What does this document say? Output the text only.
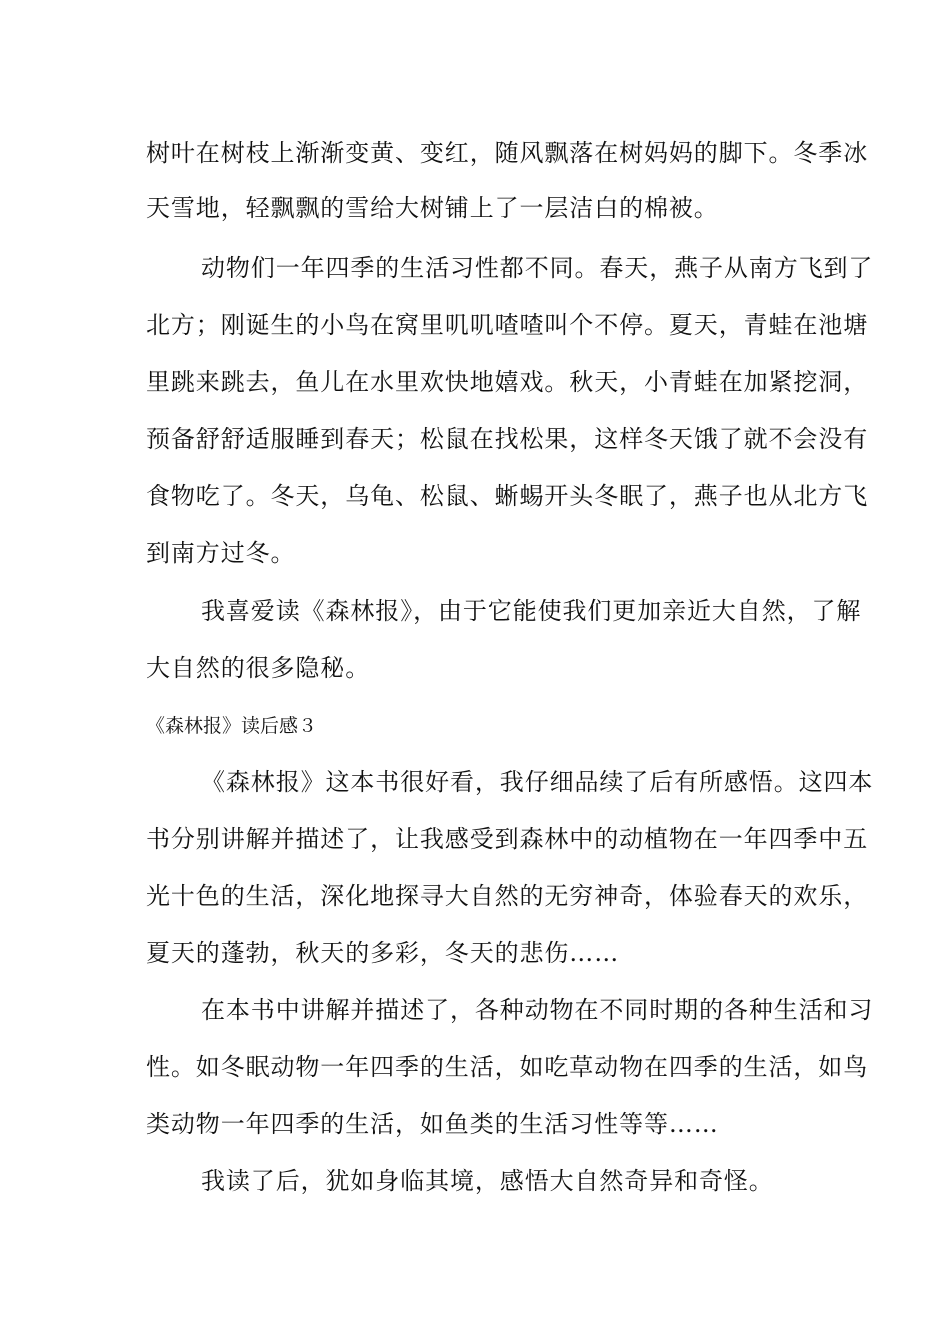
树叶在树枝上渐渐变黄、变红，随风飘落在树妈妈的脚下。冬季冰
天雪地，轻飘飘的雪给大树铺上了一层洁白的棉被。
动物们一年四季的生活习性都不同。春天，燕子从南方飞到了
北方；刚诞生的小鸟在窝里叽叽喳喳叫个不停。夏天，青蛙在池塘
里跳来跳去，鱼儿在水里欢快地嬉戏。秋天，小青蛙在加紧挖洞，
预备舒舒适服睡到春天；松鼠在找松果，这样冬天饿了就不会没有
食物吃了。冬天，乌龟、松鼠、蜥蜴开头冬眠了，燕子也从北方飞
到南方过冬。
我喜爱读《森林报》，由于它能使我们更加亲近大自然，了解
大自然的很多隐秘。
《森林报》读后感３
《森林报》这本书很好看，我仔细品续了后有所感悟。这四本
书分别讲解并描述了，让我感受到森林中的动植物在一年四季中五
光十色的生活，深化地探寻大自然的无穷神奇，体验春天的欢乐，
夏天的蓬勃，秋天的多彩，冬天的悲伤……
在本书中讲解并描述了，各种动物在不同时期的各种生活和习
性。如冬眠动物一年四季的生活，如吃草动物在四季的生活，如鸟
类动物一年四季的生活，如鱼类的生活习性等等……
我读了后，犹如身临其境，感悟大自然奇异和奇怪。
